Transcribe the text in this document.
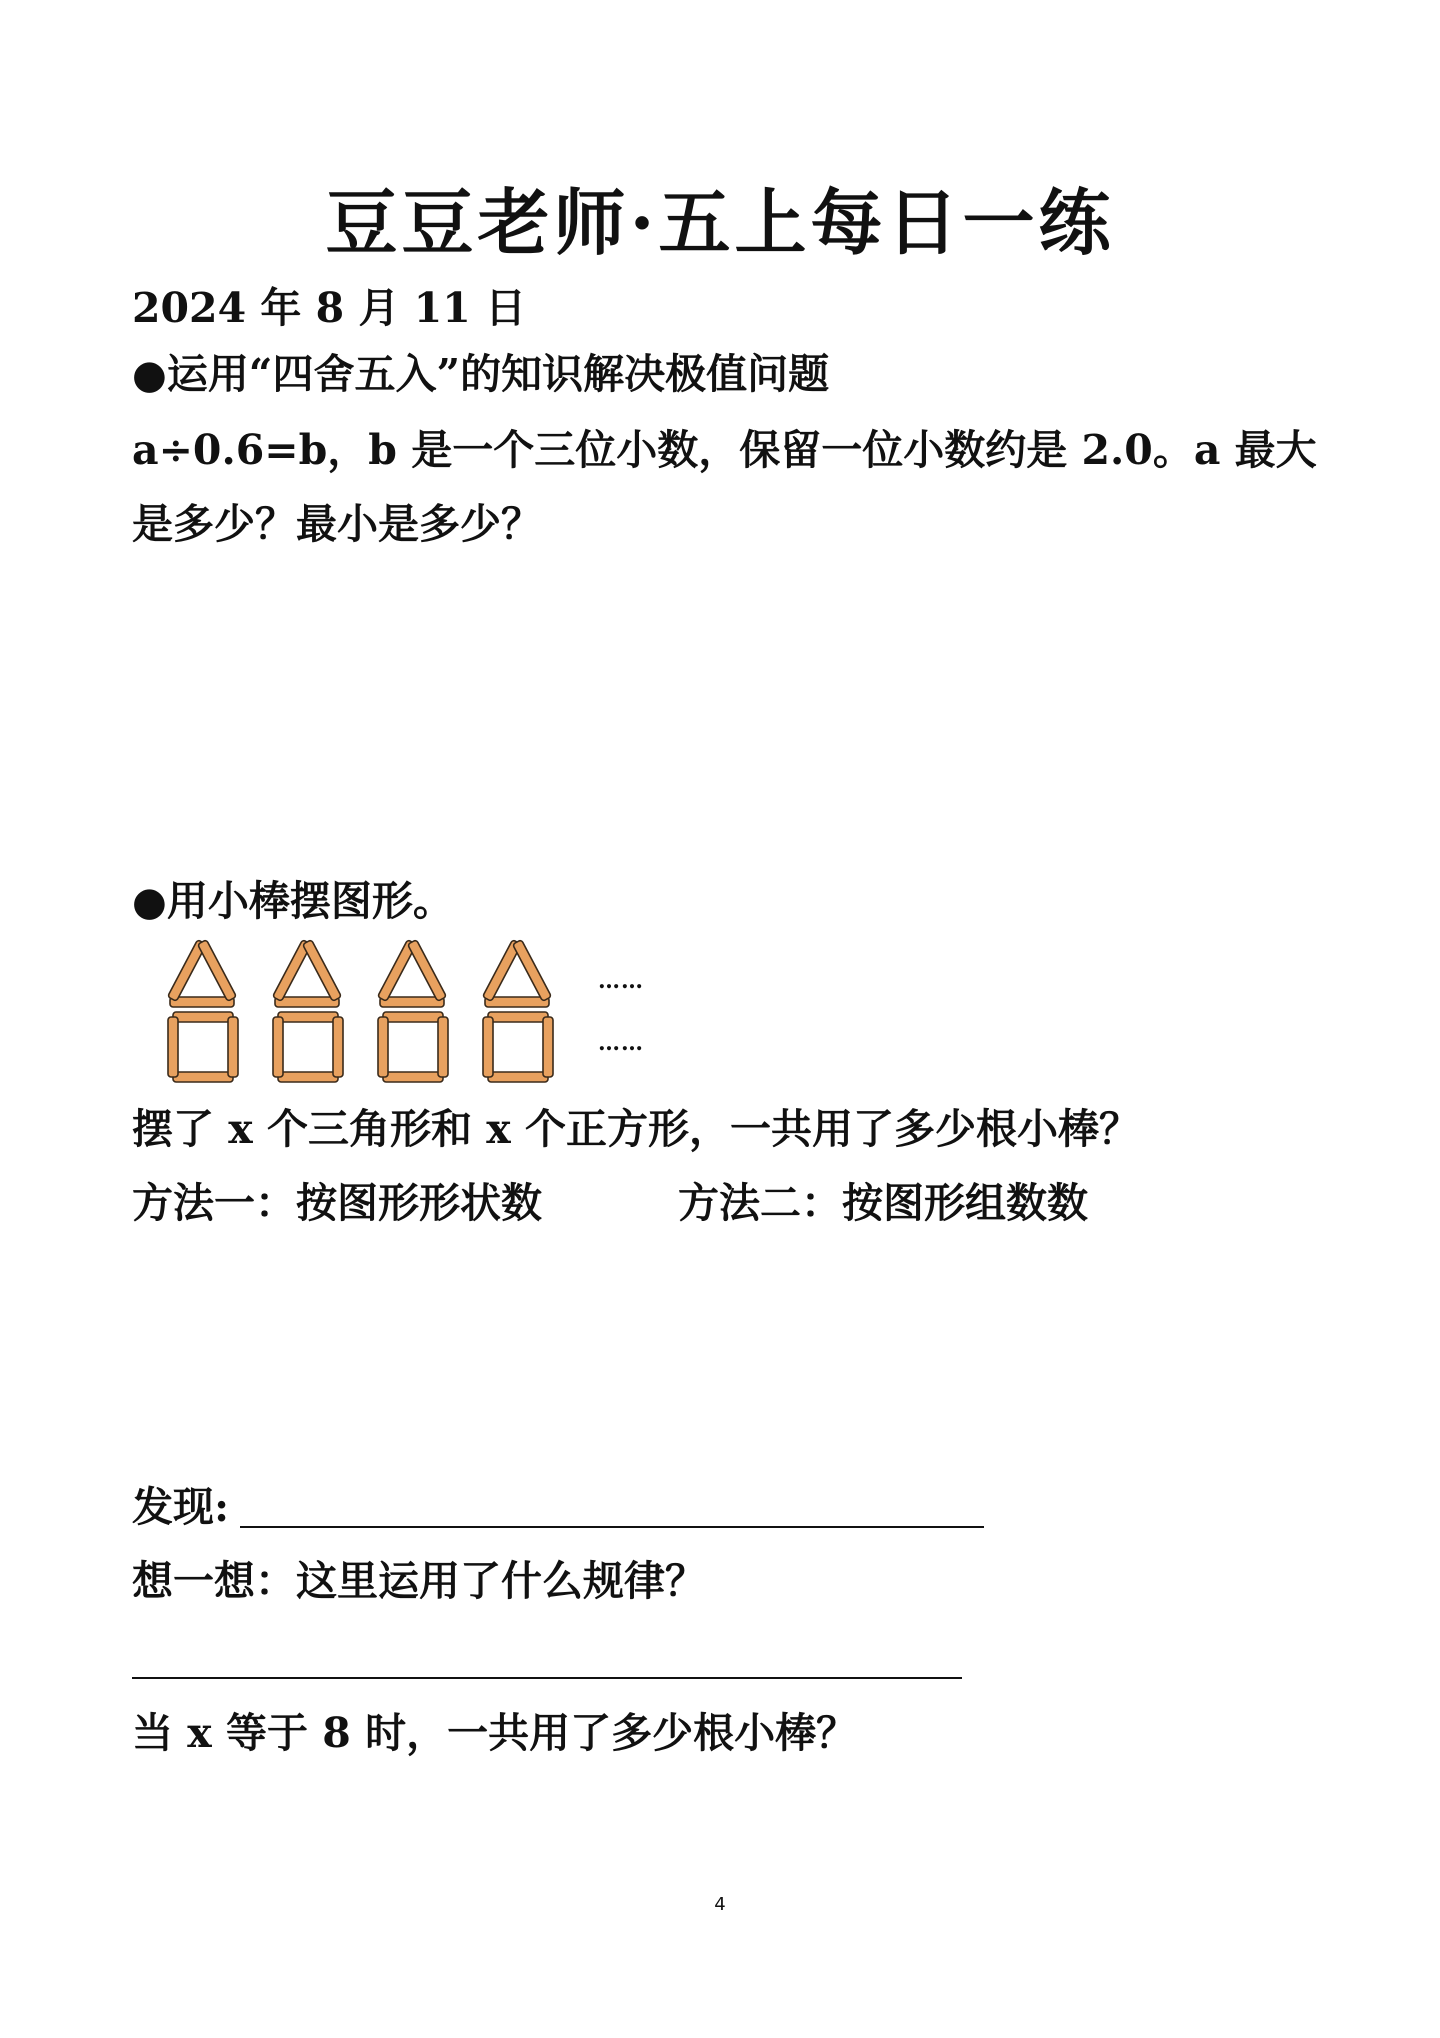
豆豆老师·五上每日一练
2024 年 8 月 11 日
●运用“四舍五入”的知识解决极值问题
a÷0.6=b，b 是一个三位小数，保留一位小数约是 2.0。a 最大
是多少？最小是多少？
●用小棒摆图形。
……
……
摆了 x 个三角形和 x 个正方形，一共用了多少根小棒？
方法一：按图形形状数	方法二：按图形组数数
发现:
想一想：这里运用了什么规律？
当 x 等于 8 时，一共用了多少根小棒？
4
